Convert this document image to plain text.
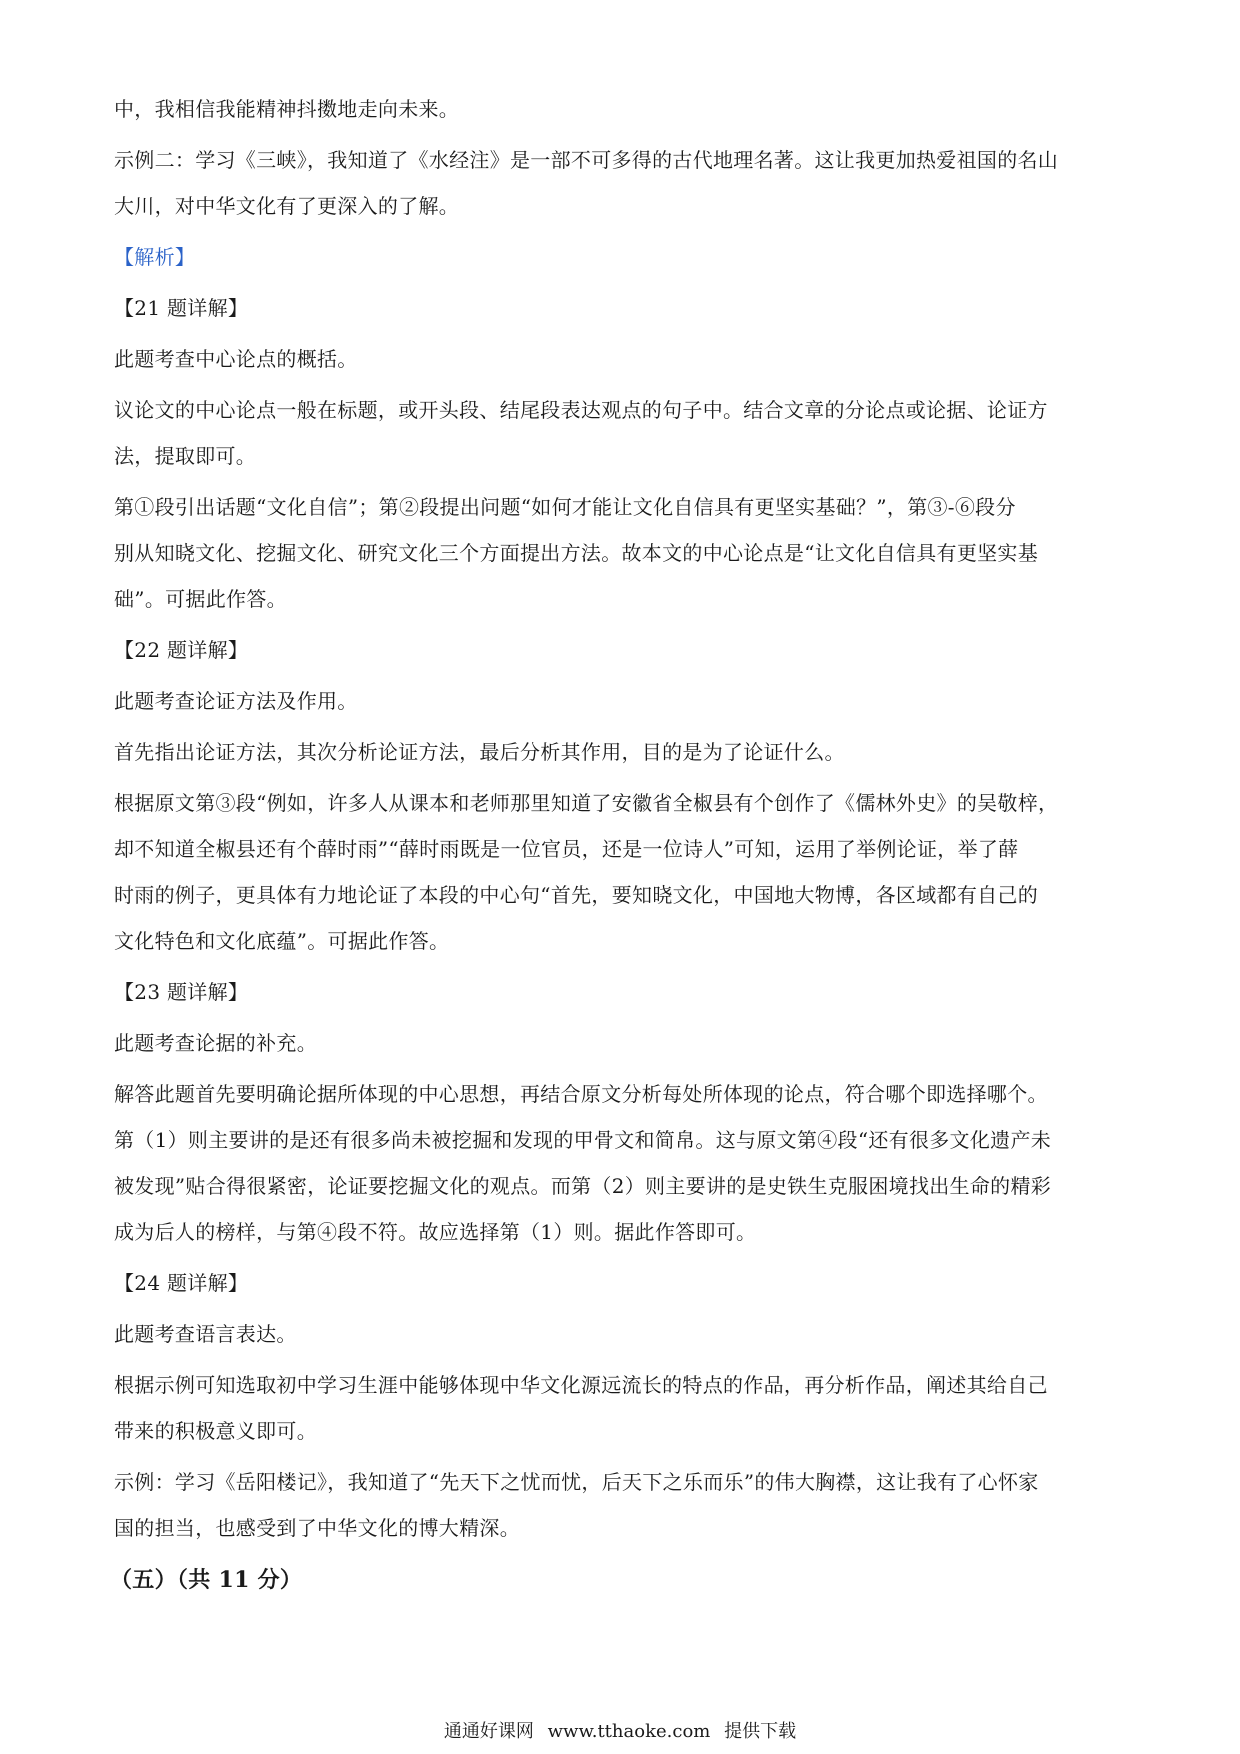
中，我相信我能精神抖擞地走向未来。

示例二：学习《三峡》，我知道了《水经注》是一部不可多得的古代地理名著。这让我更加热爱祖国的名山

大川，对中华文化有了更深入的了解。

【解析】

【21 题详解】

此题考查中心论点的概括。

议论文的中心论点一般在标题，或开头段、结尾段表达观点的句子中。结合文章的分论点或论据、论证方

法，提取即可。

第①段引出话题“文化自信”；第②段提出问题“如何才能让文化自信具有更坚实基础？”，第③-⑥段分

别从知晓文化、挖掘文化、研究文化三个方面提出方法。故本文的中心论点是“让文化自信具有更坚实基

础”。可据此作答。

【22 题详解】

此题考查论证方法及作用。

首先指出论证方法，其次分析论证方法，最后分析其作用，目的是为了论证什么。

根据原文第③段“例如，许多人从课本和老师那里知道了安徽省全椒县有个创作了《儒林外史》的吴敬梓，

却不知道全椒县还有个薛时雨”“薛时雨既是一位官员，还是一位诗人”可知，运用了举例论证，举了薛

时雨的例子，更具体有力地论证了本段的中心句“首先，要知晓文化，中国地大物博，各区域都有自己的

文化特色和文化底蕴”。可据此作答。

【23 题详解】

此题考查论据的补充。

解答此题首先要明确论据所体现的中心思想，再结合原文分析每处所体现的论点，符合哪个即选择哪个。

第（1）则主要讲的是还有很多尚未被挖掘和发现的甲骨文和简帛。这与原文第④段“还有很多文化遗产未

被发现”贴合得很紧密，论证要挖掘文化的观点。而第（2）则主要讲的是史铁生克服困境找出生命的精彩

成为后人的榜样，与第④段不符。故应选择第（1）则。据此作答即可。

【24 题详解】

此题考查语言表达。

根据示例可知选取初中学习生涯中能够体现中华文化源远流长的特点的作品，再分析作品，阐述其给自己

带来的积极意义即可。

示例：学习《岳阳楼记》，我知道了“先天下之忧而忧，后天下之乐而乐”的伟大胸襟，这让我有了心怀家

国的担当，也感受到了中华文化的博大精深。

（五）（共 11 分）

通通好课网 www.tthaoke.com 提供下载
